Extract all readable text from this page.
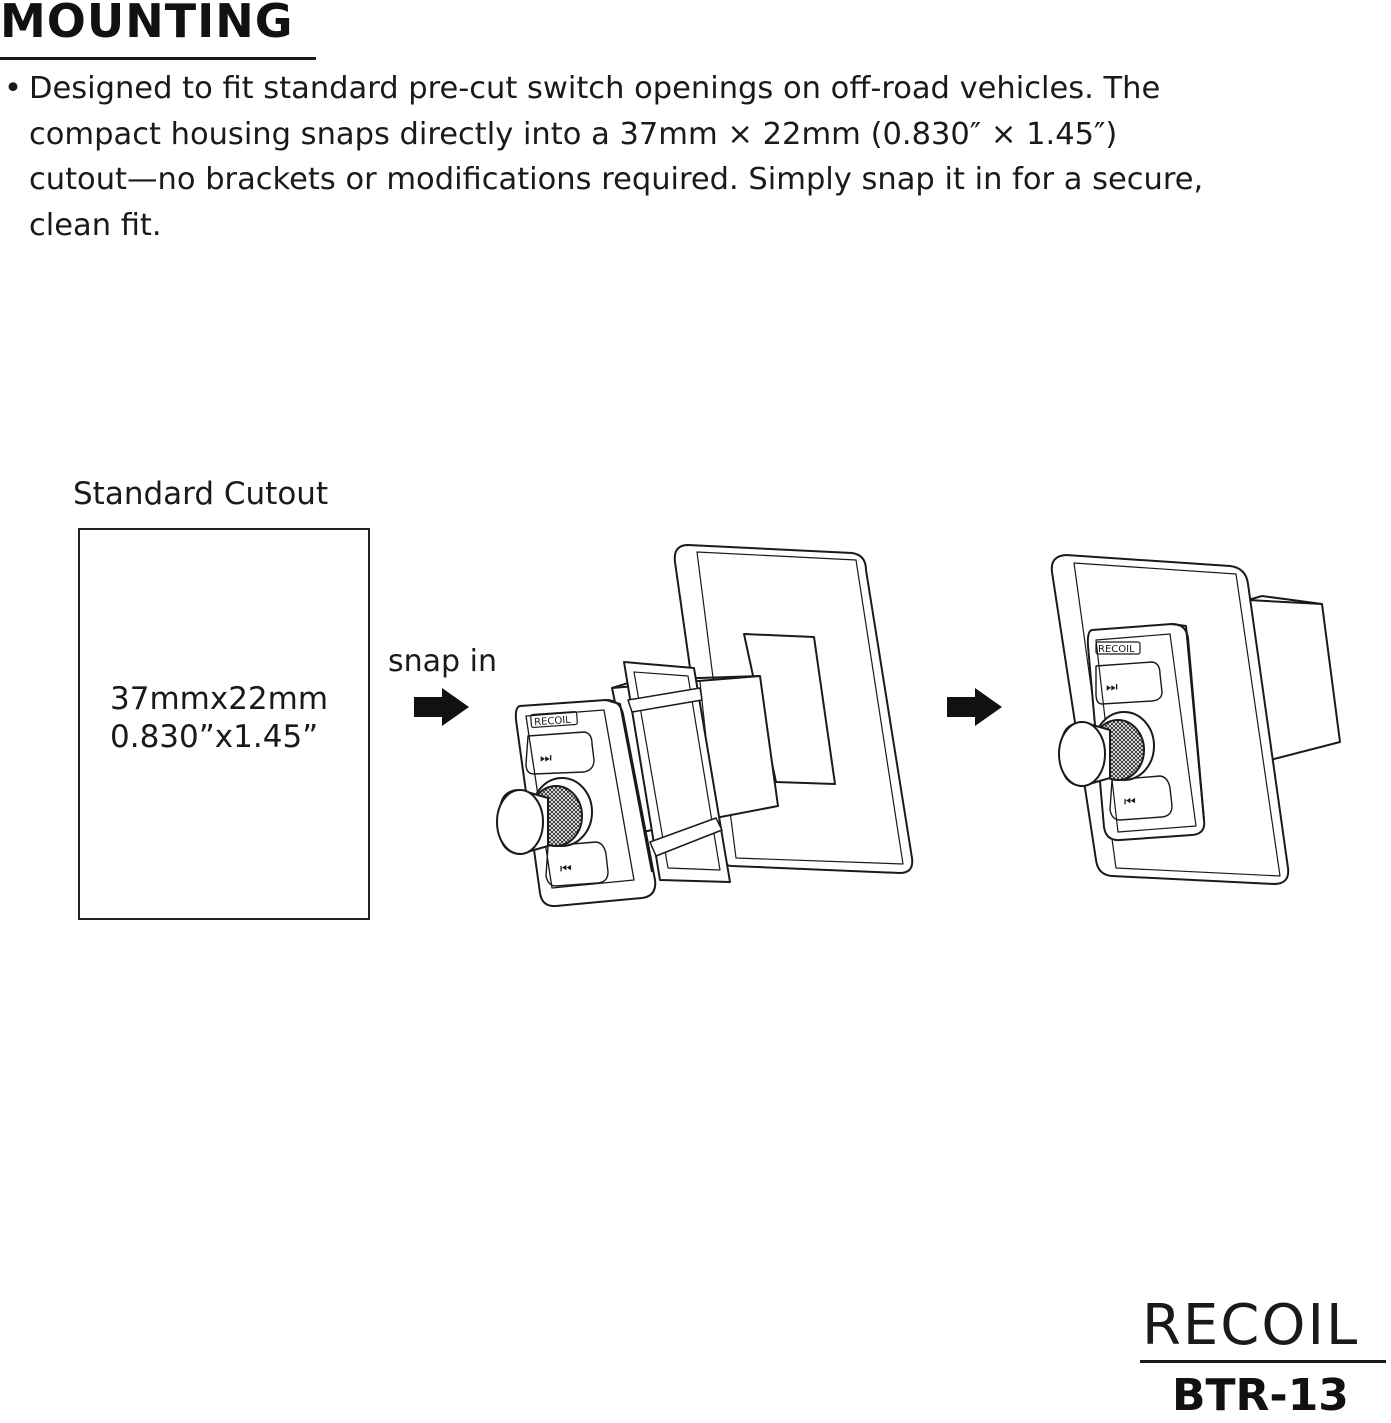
MOUNTING
• Designed to fit standard pre-cut switch openings on off-road vehicles. The
compact housing snaps directly into a 37mm × 22mm (0.830″ × 1.45″)
cutout—no brackets or modifications required. Simply snap it in for a secure,
clean fit.
Standard Cutout
37mmx22mm
0.830”x1.45”
snap in
RECOIL
⏭
⏮
RECOIL
⏭
⏮
RECOIL
BTR-13
